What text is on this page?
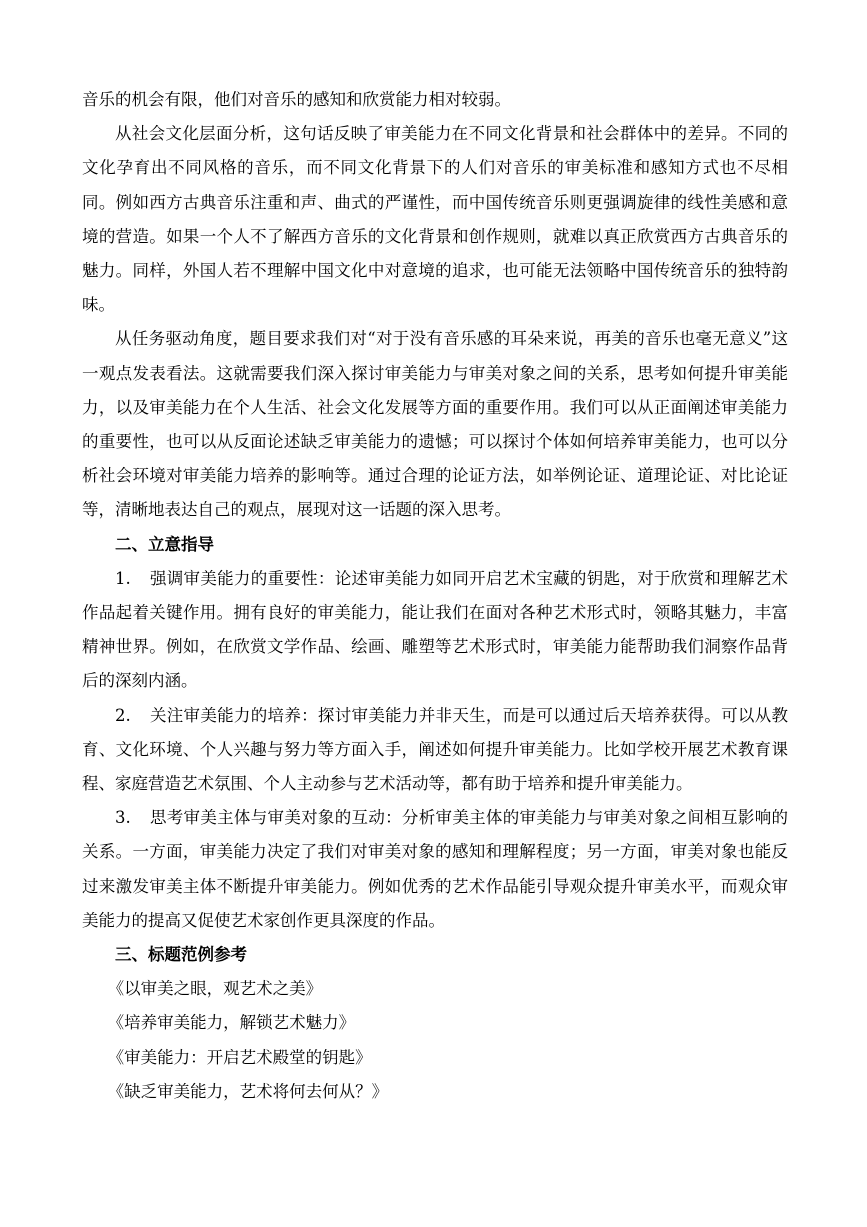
音乐的机会有限，他们对音乐的感知和欣赏能力相对较弱。

从社会文化层面分析，这句话反映了审美能力在不同文化背景和社会群体中的差异。不同的文化孕育出不同风格的音乐，而不同文化背景下的人们对音乐的审美标准和感知方式也不尽相同。例如西方古典音乐注重和声、曲式的严谨性，而中国传统音乐则更强调旋律的线性美感和意境的营造。如果一个人不了解西方音乐的文化背景和创作规则，就难以真正欣赏西方古典音乐的魅力。同样，外国人若不理解中国文化中对意境的追求，也可能无法领略中国传统音乐的独特韵味。

从任务驱动角度，题目要求我们对“对于没有音乐感的耳朵来说，再美的音乐也毫无意义”这一观点发表看法。这就需要我们深入探讨审美能力与审美对象之间的关系，思考如何提升审美能力，以及审美能力在个人生活、社会文化发展等方面的重要作用。我们可以从正面阐述审美能力的重要性，也可以从反面论述缺乏审美能力的遗憾；可以探讨个体如何培养审美能力，也可以分析社会环境对审美能力培养的影响等。通过合理的论证方法，如举例论证、道理论证、对比论证等，清晰地表达自己的观点，展现对这一话题的深入思考。

二、立意指导

1. 强调审美能力的重要性：论述审美能力如同开启艺术宝藏的钥匙，对于欣赏和理解艺术作品起着关键作用。拥有良好的审美能力，能让我们在面对各种艺术形式时，领略其魅力，丰富精神世界。例如，在欣赏文学作品、绘画、雕塑等艺术形式时，审美能力能帮助我们洞察作品背后的深刻内涵。

2. 关注审美能力的培养：探讨审美能力并非天生，而是可以通过后天培养获得。可以从教育、文化环境、个人兴趣与努力等方面入手，阐述如何提升审美能力。比如学校开展艺术教育课程、家庭营造艺术氛围、个人主动参与艺术活动等，都有助于培养和提升审美能力。

3. 思考审美主体与审美对象的互动：分析审美主体的审美能力与审美对象之间相互影响的关系。一方面，审美能力决定了我们对审美对象的感知和理解程度；另一方面，审美对象也能反过来激发审美主体不断提升审美能力。例如优秀的艺术作品能引导观众提升审美水平，而观众审美能力的提高又促使艺术家创作更具深度的作品。

三、标题范例参考

《以审美之眼，观艺术之美》

《培养审美能力，解锁艺术魅力》

《审美能力：开启艺术殿堂的钥匙》

《缺乏审美能力，艺术将何去何从？》
